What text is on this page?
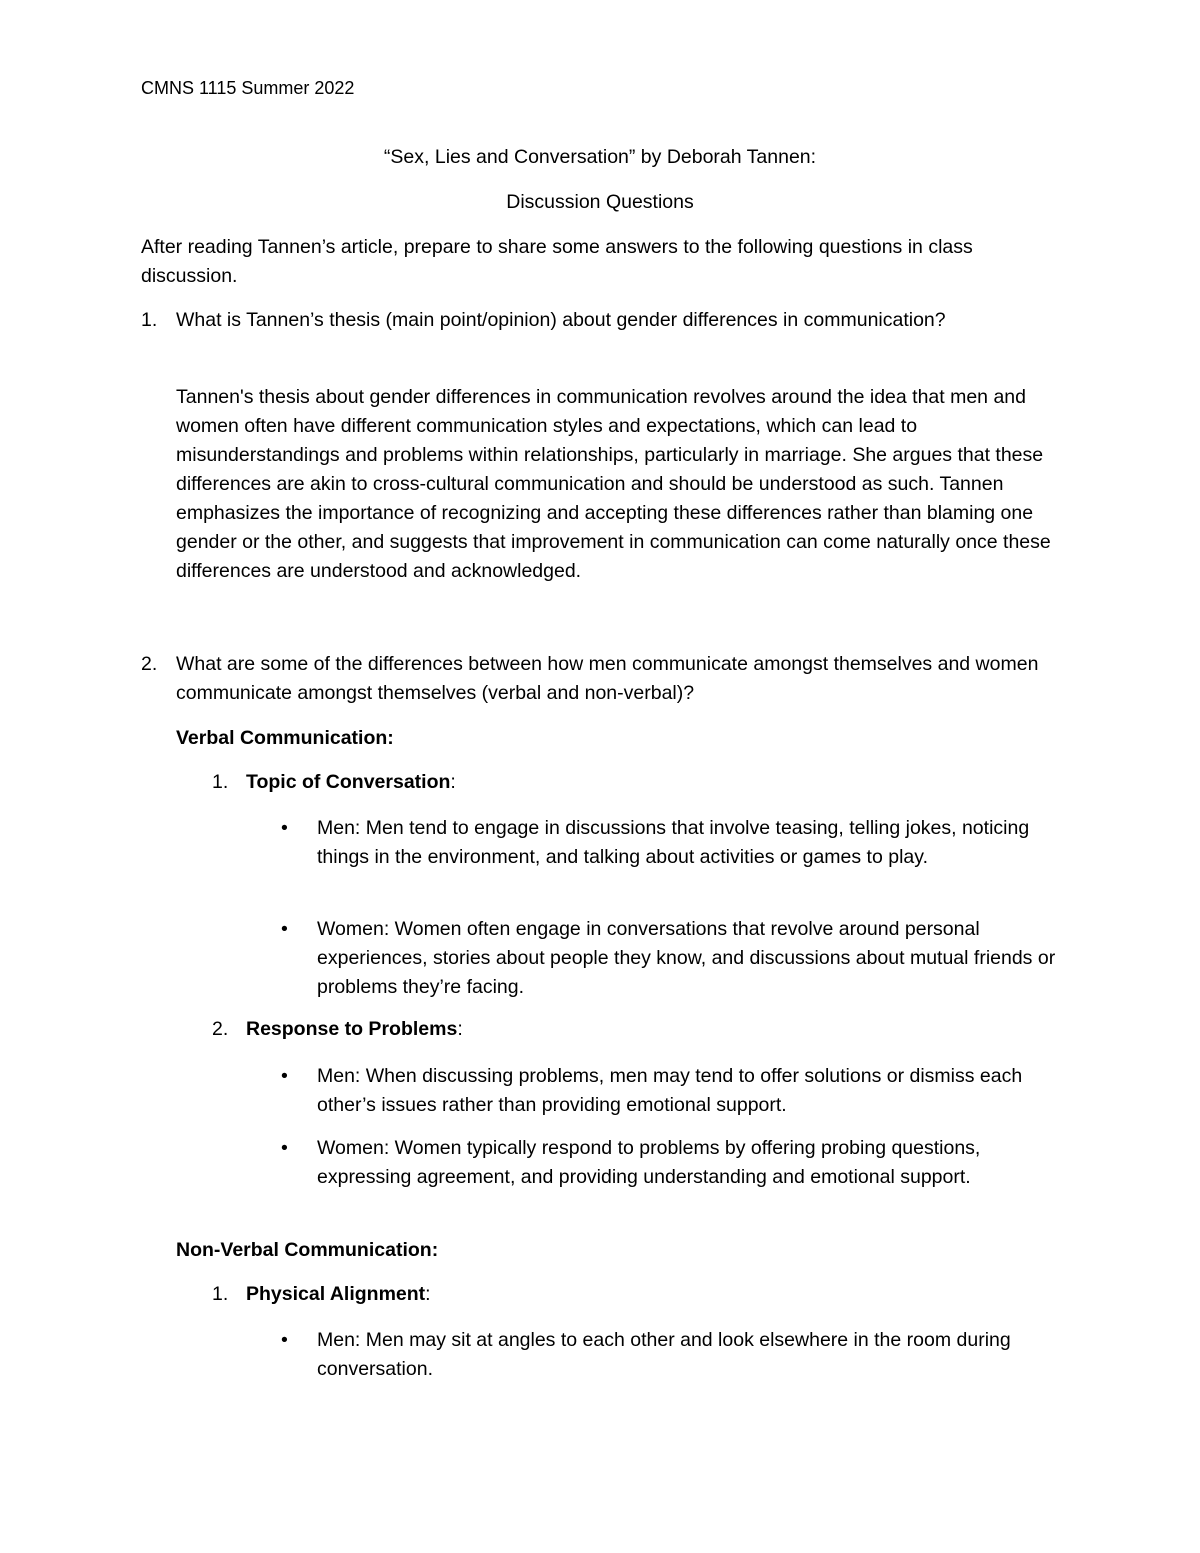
CMNS 1115 Summer 2022

“Sex, Lies and Conversation” by Deborah Tannen:

Discussion Questions

After reading Tannen’s article, prepare to share some answers to the following questions in class discussion.

1. What is Tannen’s thesis (main point/opinion) about gender differences in communication?

Tannen's thesis about gender differences in communication revolves around the idea that men and women often have different communication styles and expectations, which can lead to misunderstandings and problems within relationships, particularly in marriage. She argues that these differences are akin to cross-cultural communication and should be understood as such. Tannen emphasizes the importance of recognizing and accepting these differences rather than blaming one gender or the other, and suggests that improvement in communication can come naturally once these differences are understood and acknowledged.

2. What are some of the differences between how men communicate amongst themselves and women communicate amongst themselves (verbal and non-verbal)?
Verbal Communication:
1. Topic of Conversation:
• Men: Men tend to engage in discussions that involve teasing, telling jokes, noticing things in the environment, and talking about activities or games to play.
• Women: Women often engage in conversations that revolve around personal experiences, stories about people they know, and discussions about mutual friends or problems they’re facing.
2. Response to Problems:
• Men: When discussing problems, men may tend to offer solutions or dismiss each other’s issues rather than providing emotional support.
• Women: Women typically respond to problems by offering probing questions, expressing agreement, and providing understanding and emotional support.
Non-Verbal Communication:
1. Physical Alignment:
• Men: Men may sit at angles to each other and look elsewhere in the room during conversation.
